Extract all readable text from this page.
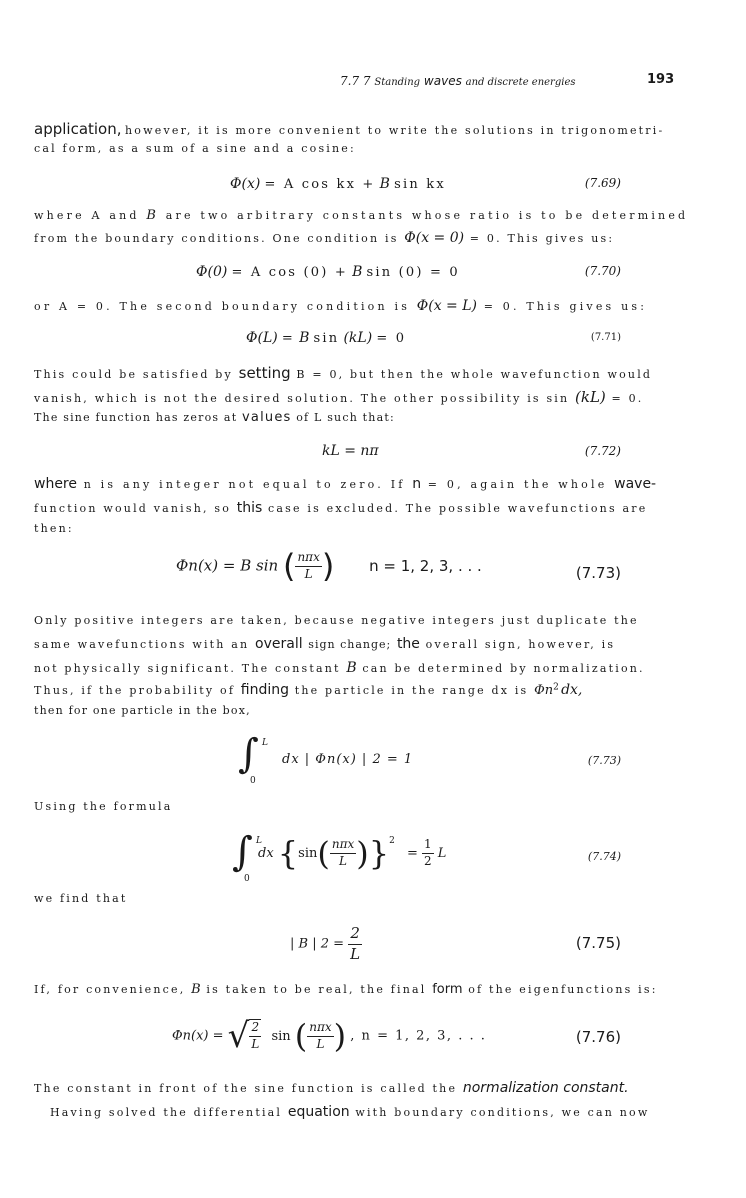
7.7 7 Standing waves and discrete energies	193
application, however, it is more convenient to write the solutions in trigonometri-
cal form, as a sum of a sine and a cosine:
Φ(x) = A cos kx + B sin kx	(7.69)
where A and B are two arbitrary constants whose ratio is to be determined
from the boundary conditions. One condition is Φ(x = 0) = 0. This gives us:
Φ(0) = A cos (0) + B sin (0) = 0	(7.70)
or A = 0. The second boundary condition is Φ(x = L) = 0. This gives us:
Φ(L) = B sin (kL) = 0	(7.71)
This could be satisfied by setting B = 0, but then the whole wavefunction would
vanish, which is not the desired solution. The other possibility is sin (kL) = 0.
The sine function has zeros at values of L such that:
kL = nπ	(7.72)
where n is any integer not equal to zero. If n = 0, again the whole wave-
function would vanish, so this case is excluded. The possible wavefunctions are
then:
Φn(x) = B sin ( $\frac{\text{nπx}}{L}$ ) n = 1, 2, 3, . . .	(7.73)
Only positive integers are taken, because negative integers just duplicate the
same wavefunctions with an overall sign change; the overall sign, however, is
not physically significant. The constant B can be determined by normalization.
Thus, if the probability of finding the particle in the range dx is $\Phi n^2dx$,
then for one particle in the box,
∫ L
0
dx | Φn(x) | 2 = 1	(7.73)
Using the formula
∫ L
0
dx $\{\sin( \frac{\text{nπx}}{L} )\}^2 = \frac{1}{2}$ L	(7.74)
we find that
| B | $2 = \frac{2}{L}$	(7.75)
If, for convenience, B is taken to be real, the final form of the eigenfunctions is:
Φn(x) = √ $\frac{2}{L}$ sin ( $\frac{\text{nπx}}{L}$ ) , n = 1, 2, 3, . . .	(7.76)
The constant in front of the sine function is called the normalization constant.
Having solved the differential equation with boundary conditions, we can now
